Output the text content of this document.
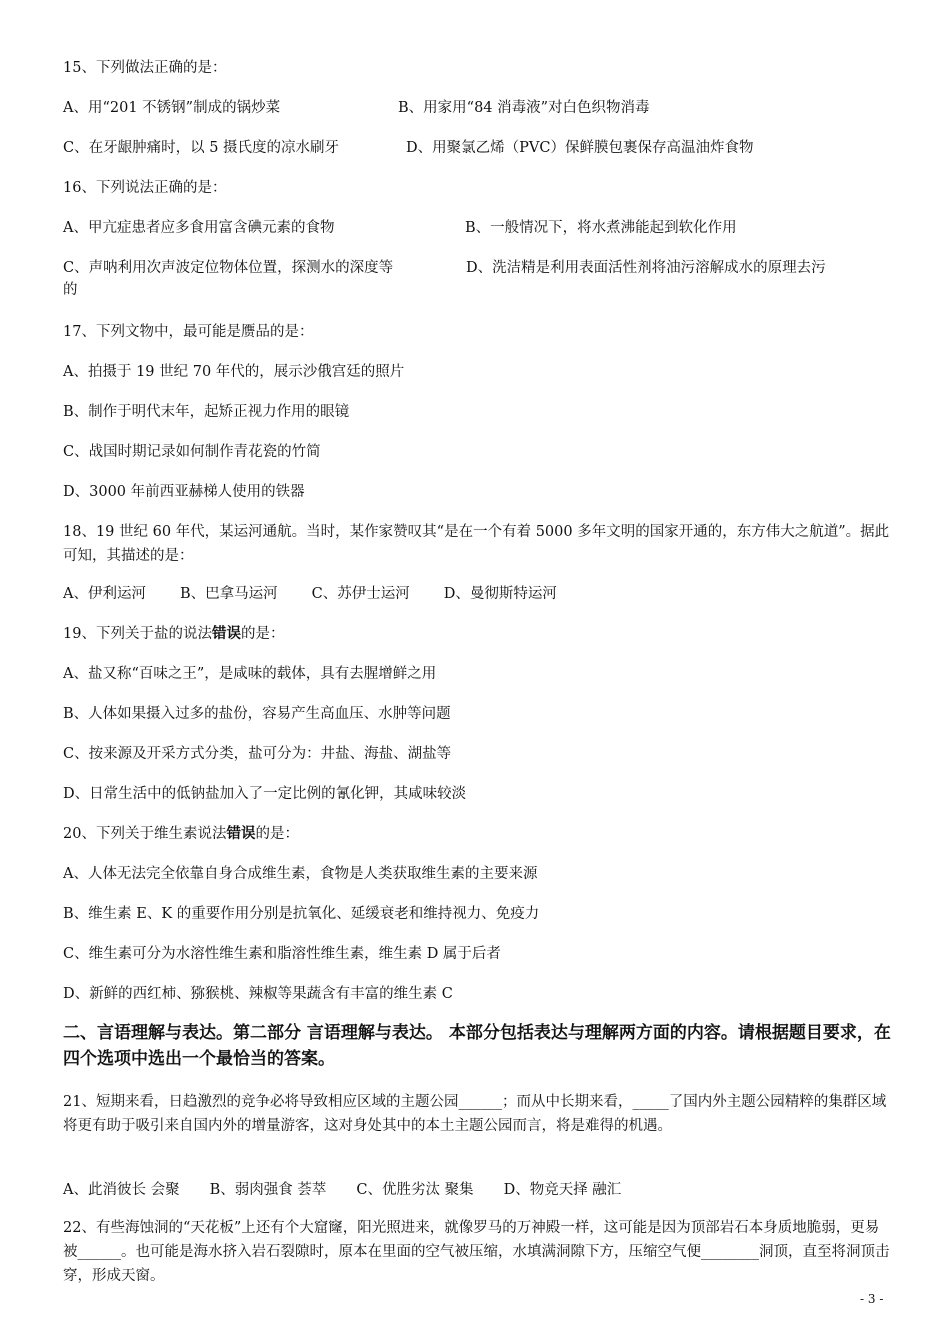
15、下列做法正确的是：
A、用“201 不锈钢”制成的锅炒菜	B、用家用“84 消毒液”对白色织物消毒
C、在牙龈肿痛时，以 5 摄氏度的凉水刷牙	D、用聚氯乙烯（PVC）保鲜膜包裹保存高温油炸食物
16、下列说法正确的是：
A、甲亢症患者应多食用富含碘元素的食物	B、一般情况下，将水煮沸能起到软化作用
C、声呐利用次声波定位物体位置，探测水的深度等	D、洗洁精是利用表面活性剂将油污溶解成水的原理去污
的
17、下列文物中，最可能是赝品的是：
A、拍摄于 19 世纪 70 年代的，展示沙俄宫廷的照片
B、制作于明代末年，起矫正视力作用的眼镜
C、战国时期记录如何制作青花瓷的竹简
D、3000 年前西亚赫梯人使用的铁器
18、19 世纪 60 年代，某运河通航。当时，某作家赞叹其“是在一个有着 5000 多年文明的国家开通的，东方伟大之航道”。据此可知，其描述的是：
A、伊利运河 B、巴拿马运河 C、苏伊士运河 D、曼彻斯特运河
19、下列关于盐的说法错误的是：
A、盐又称“百味之王”，是咸味的载体，具有去腥增鲜之用
B、人体如果摄入过多的盐份，容易产生高血压、水肿等问题
C、按来源及开采方式分类，盐可分为：井盐、海盐、湖盐等
D、日常生活中的低钠盐加入了一定比例的氰化钾，其咸味较淡
20、下列关于维生素说法错误的是：
A、人体无法完全依靠自身合成维生素，食物是人类获取维生素的主要来源
B、维生素 E、K 的重要作用分别是抗氧化、延缓衰老和维持视力、免疫力
C、维生素可分为水溶性维生素和脂溶性维生素，维生素 D 属于后者
D、新鲜的西红柿、猕猴桃、辣椒等果蔬含有丰富的维生素 C
二、言语理解与表达。第二部分 言语理解与表达。 本部分包括表达与理解两方面的内容。请根据题目要求，在四个选项中选出一个最恰当的答案。
21、短期来看，日趋激烈的竞争必将导致相应区域的主题公园______；而从中长期来看，_____了国内外主题公园精粹的集群区域将更有助于吸引来自国内外的增量游客，这对身处其中的本土主题公园而言，将是难得的机遇。
A、此消彼长 会聚 B、弱肉强食 荟萃 C、优胜劣汰 聚集 D、物竞天择 融汇
22、有些海蚀洞的“天花板”上还有个大窟窿，阳光照进来，就像罗马的万神殿一样，这可能是因为顶部岩石本身质地脆弱，更易被______。也可能是海水挤入岩石裂隙时，原本在里面的空气被压缩，水填满洞隙下方，压缩空气便________洞顶，直至将洞顶击穿，形成天窗。
- 3 -
